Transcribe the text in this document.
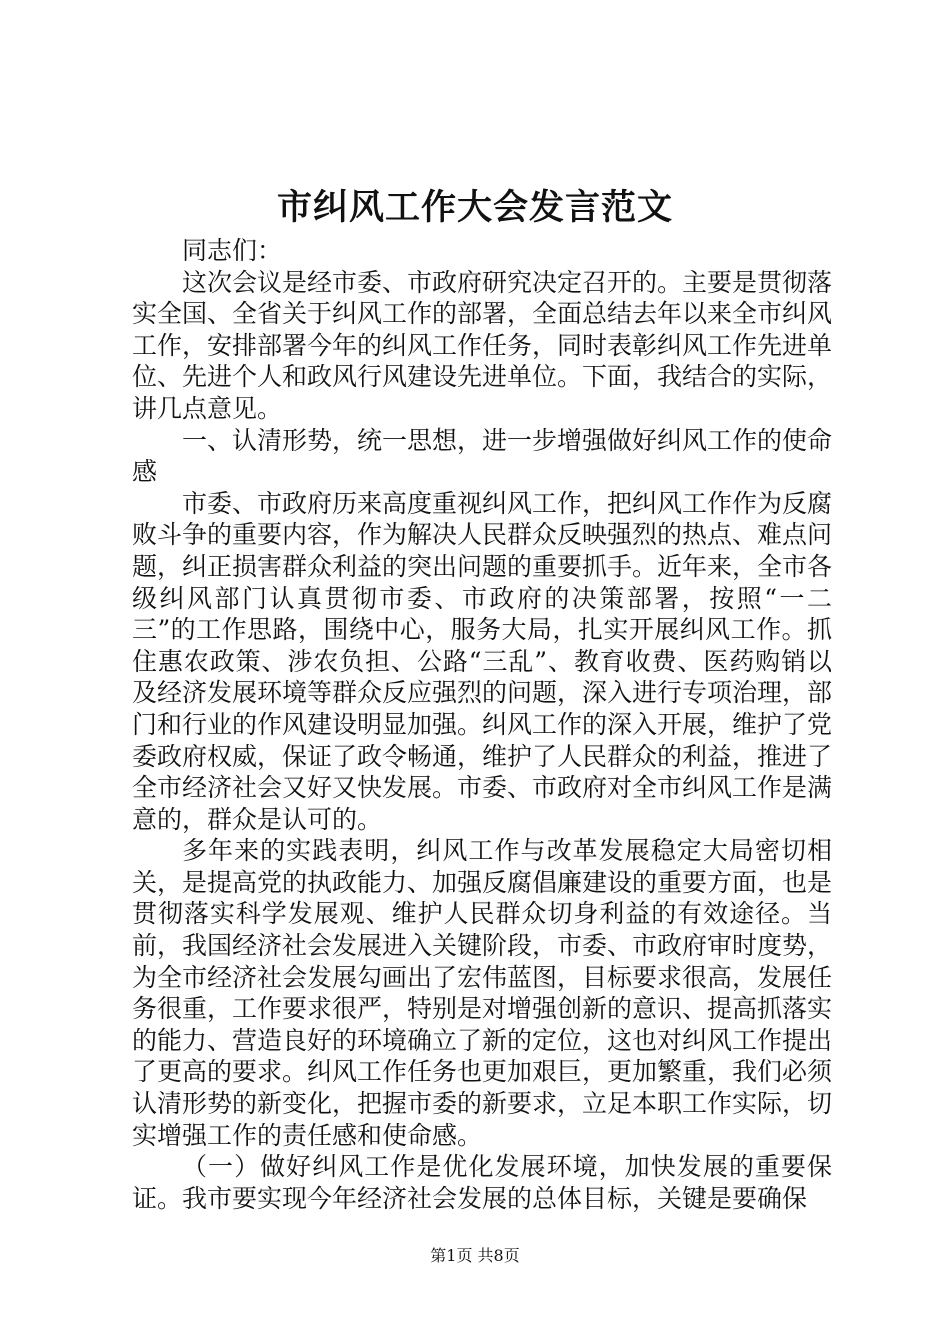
市纠风工作大会发言范文

同志们：

这次会议是经市委、市政府研究决定召开的。主要是贯彻落实全国、全省关于纠风工作的部署，全面总结去年以来全市纠风工作，安排部署今年的纠风工作任务，同时表彰纠风工作先进单位、先进个人和政风行风建设先进单位。下面，我结合的实际，讲几点意见。

一、认清形势，统一思想，进一步增强做好纠风工作的使命感

市委、市政府历来高度重视纠风工作，把纠风工作作为反腐败斗争的重要内容，作为解决人民群众反映强烈的热点、难点问题，纠正损害群众利益的突出问题的重要抓手。近年来，全市各级纠风部门认真贯彻市委、市政府的决策部署，按照“一二三”的工作思路，围绕中心，服务大局，扎实开展纠风工作。抓住惠农政策、涉农负担、公路“三乱”、教育收费、医药购销以及经济发展环境等群众反应强烈的问题，深入进行专项治理，部门和行业的作风建设明显加强。纠风工作的深入开展，维护了党委政府权威，保证了政令畅通，维护了人民群众的利益，推进了全市经济社会又好又快发展。市委、市政府对全市纠风工作是满意的，群众是认可的。

多年来的实践表明，纠风工作与改革发展稳定大局密切相关，是提高党的执政能力、加强反腐倡廉建设的重要方面，也是贯彻落实科学发展观、维护人民群众切身利益的有效途径。当前，我国经济社会发展进入关键阶段，市委、市政府审时度势，为全市经济社会发展勾画出了宏伟蓝图，目标要求很高，发展任务很重，工作要求很严，特别是对增强创新的意识、提高抓落实的能力、营造良好的环境确立了新的定位，这也对纠风工作提出了更高的要求。纠风工作任务也更加艰巨，更加繁重，我们必须认清形势的新变化，把握市委的新要求，立足本职工作实际，切实增强工作的责任感和使命感。

（一）做好纠风工作是优化发展环境，加快发展的重要保证。我市要实现今年经济社会发展的总体目标，关键是要确保

第1页 共8页
